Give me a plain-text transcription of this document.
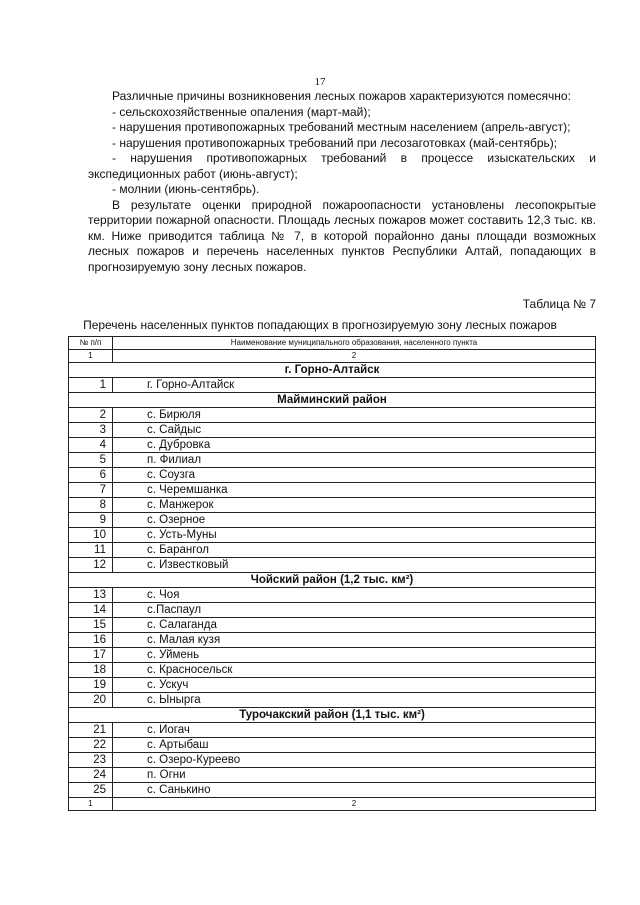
17

Различные причины возникновения лесных пожаров характеризуются помесячно:

- сельскохозяйственные опаления (март-май);

- нарушения противопожарных требований местным населением (апрель-август);

- нарушения противопожарных требований при лесозаготовках (май-сентябрь);

- нарушения противопожарных требований в процессе изыскательских и экспедиционных работ (июнь-август);

- молнии (июнь-сентябрь).

В результате оценки природной пожароопасности установлены лесопокрытые территории пожарной опасности. Площадь лесных пожаров может составить 12,3 тыс. кв. км. Ниже приводится таблица № 7, в которой порайонно даны площади возможных лесных пожаров и перечень населенных пунктов Республики Алтай, попадающих в прогнозируемую зону лесных пожаров.

Таблица № 7
Перечень населенных пунктов попадающих в прогнозируемую зону лесных пожаров
№ п/п	Наименование муниципального образования, населенного пункта
1	2
г. Горно-Алтайск	
1	г. Горно-Алтайск
Майминский район	
2	с. Бирюля
3	с. Сайдыс
4	с. Дубровка
5	п. Филиал
6	с. Соузга
7	с. Черемшанка
8	с. Манжерок
9	с. Озерное
10	с. Усть-Муны
11	с. Барангол
12	с. Известковый
Чойский район (1,2 тыс. км²)	
13	с. Чоя
14	с.Паспаул
15	с. Салаганда
16	с. Малая кузя
17	с. Уймень
18	с. Красносельск
19	с. Ускуч
20	с. Ынырга
Турочакский район (1,1 тыс. км²)	
21	с. Иогач
22	с. Артыбаш
23	с. Озеро-Куреево
24	п. Огни
25	с. Санькино
1	2
